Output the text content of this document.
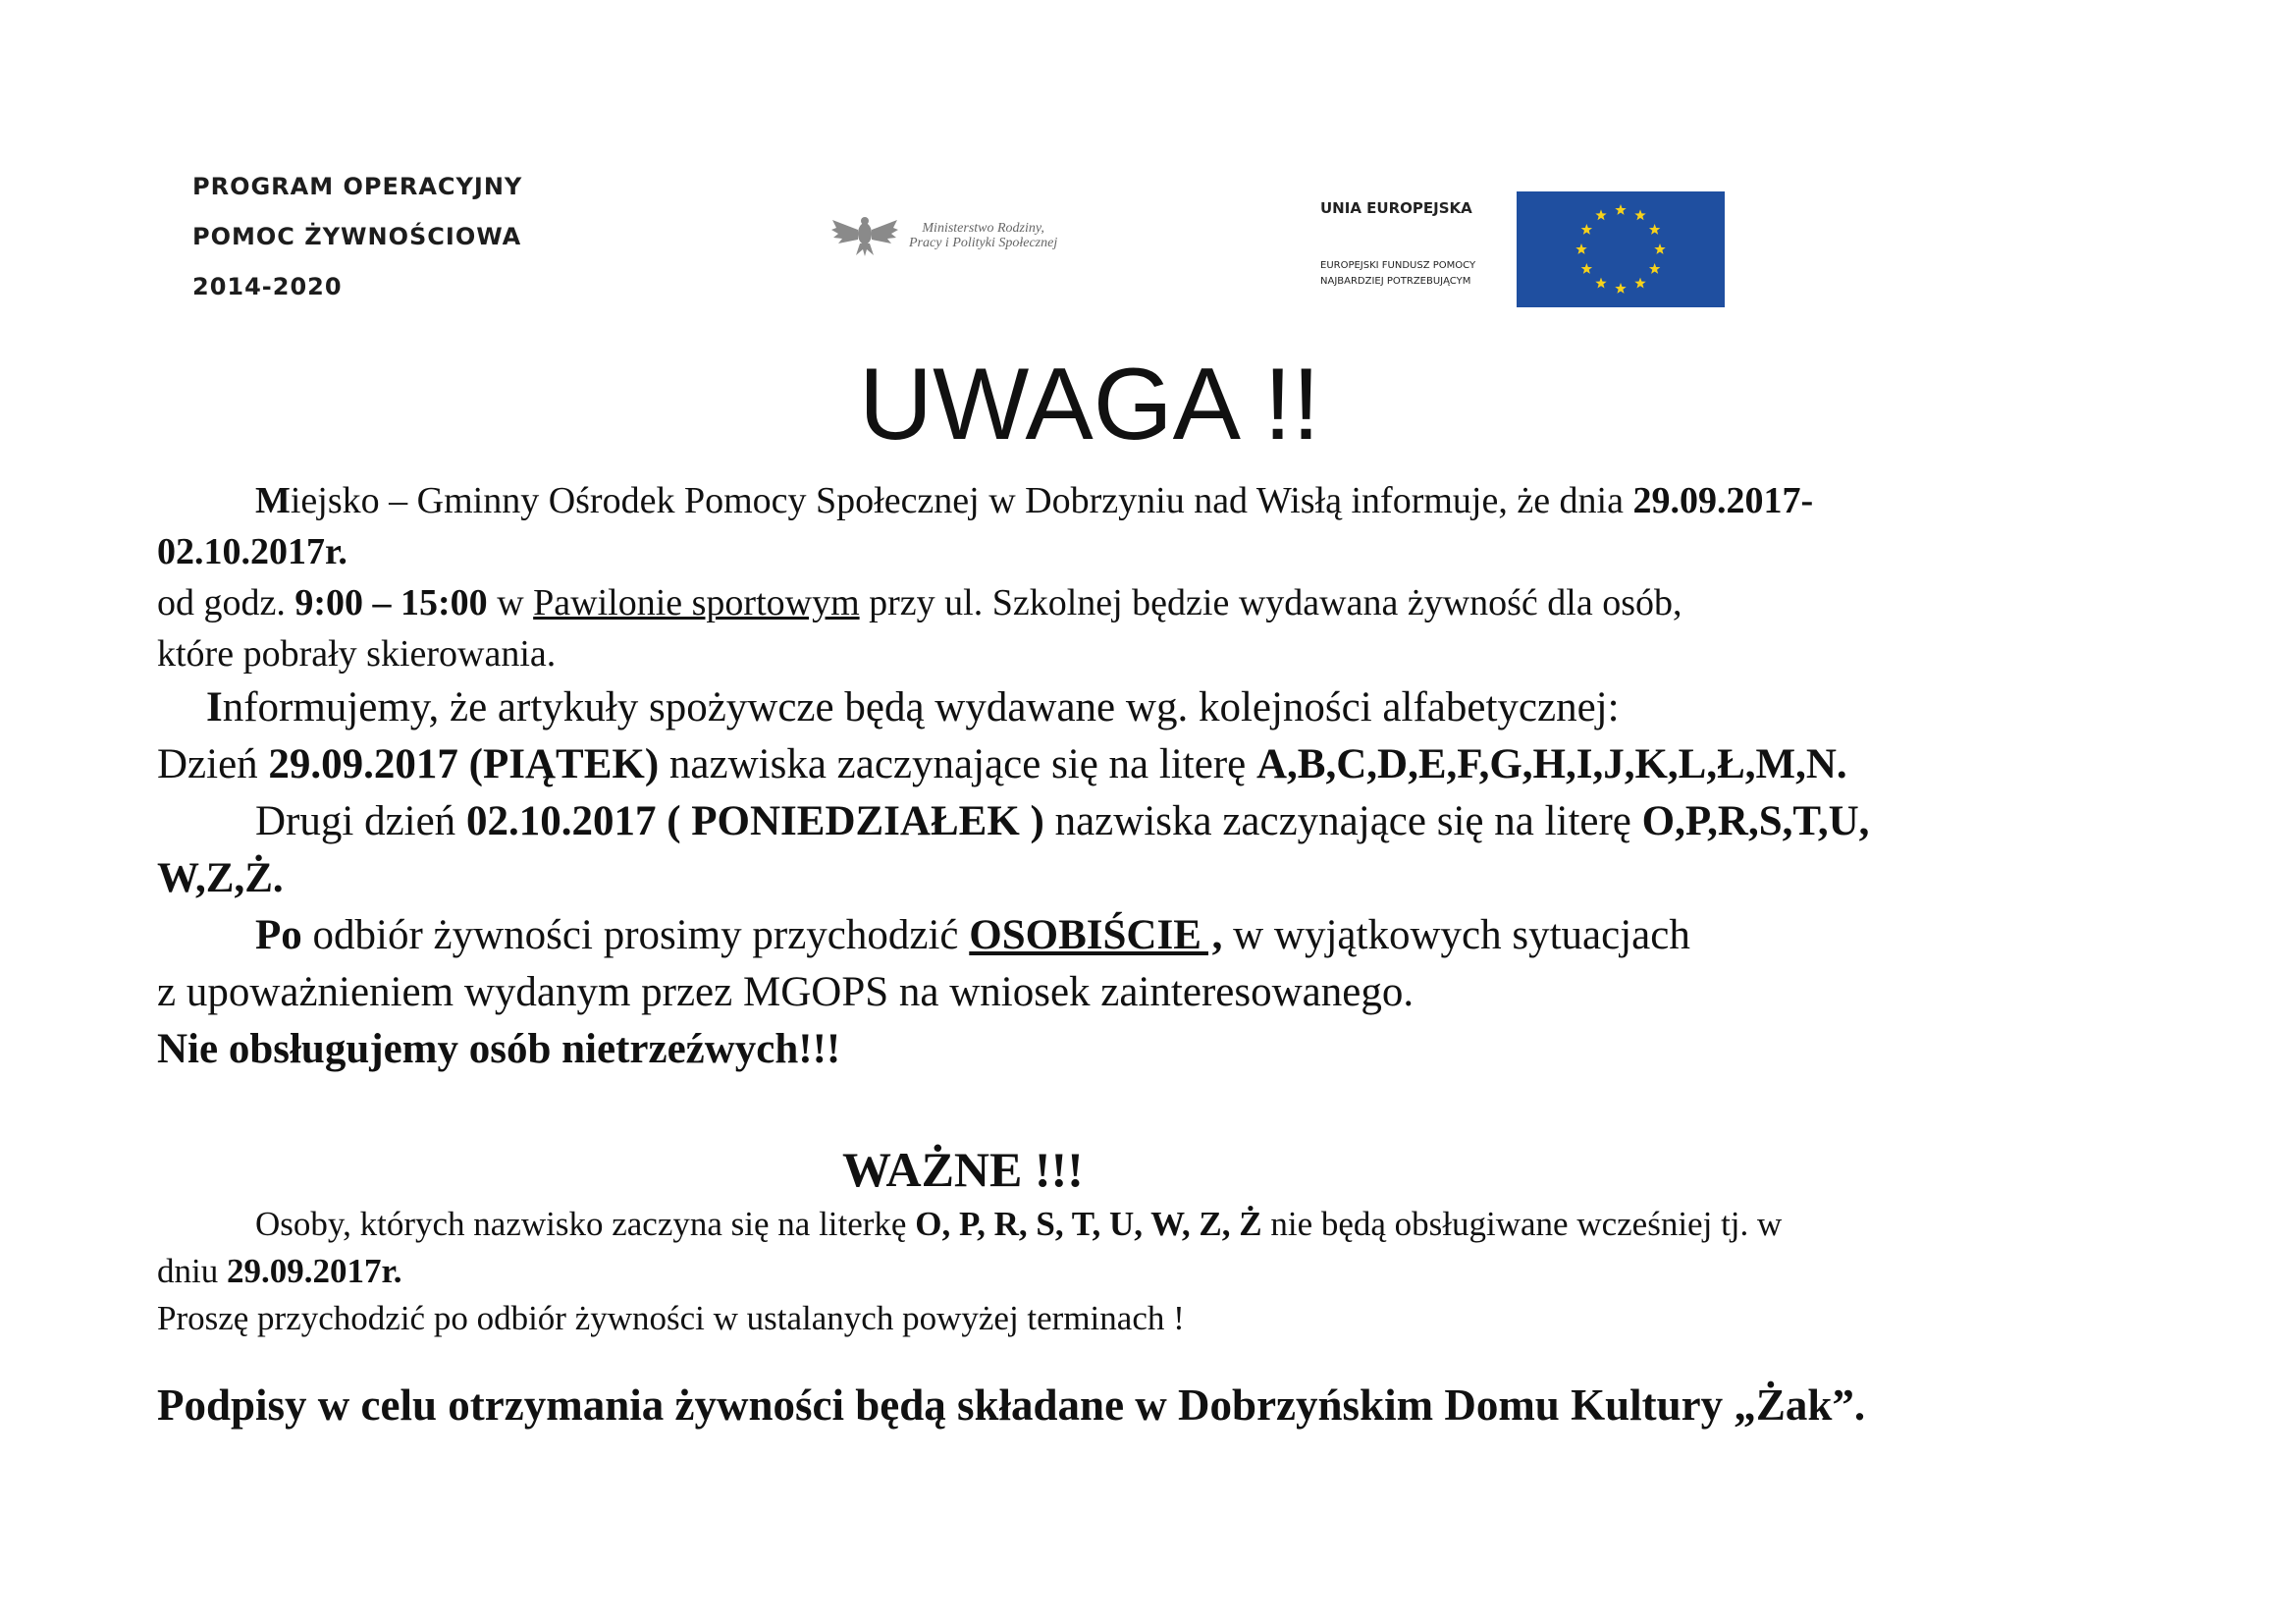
PROGRAM OPERACYJNY
POMOC ŻYWNOŚCIOWA
2014-2020
Ministerstwo Rodziny,
Pracy i Polityki Społecznej
UNIA EUROPEJSKA
EUROPEJSKI FUNDUSZ POMOCY
NAJBARDZIEJ POTRZEBUJĄCYM
UWAGA !!
Miejsko – Gminny Ośrodek Pomocy Społecznej w Dobrzyniu nad Wisłą informuje, że dnia 29.09.2017-
02.10.2017r.
od godz. 9:00 – 15:00 w Pawilonie sportowym przy ul. Szkolnej będzie wydawana żywność dla osób,
które pobrały skierowania.
Informujemy, że artykuły spożywcze będą wydawane wg. kolejności alfabetycznej:
Dzień 29.09.2017 (PIĄTEK) nazwiska zaczynające się na literę A,B,C,D,E,F,G,H,I,J,K,L,Ł,M,N.
Drugi dzień 02.10.2017 ( PONIEDZIAŁEK ) nazwiska zaczynające się na literę O,P,R,S,T,U,
W,Z,Ż.
Po odbiór żywności prosimy przychodzić OSOBIŚCIE , w wyjątkowych sytuacjach
z upoważnieniem wydanym przez MGOPS na wniosek zainteresowanego.
Nie obsługujemy osób nietrzeźwych!!!
WAŻNE !!!
Osoby, których nazwisko zaczyna się na literkę O, P, R, S, T, U, W, Z, Ż nie będą obsługiwane wcześniej tj. w
dniu 29.09.2017r.
Proszę przychodzić po odbiór żywności w ustalanych powyżej terminach !
Podpisy w celu otrzymania żywności będą składane w Dobrzyńskim Domu Kultury „Żak”.
